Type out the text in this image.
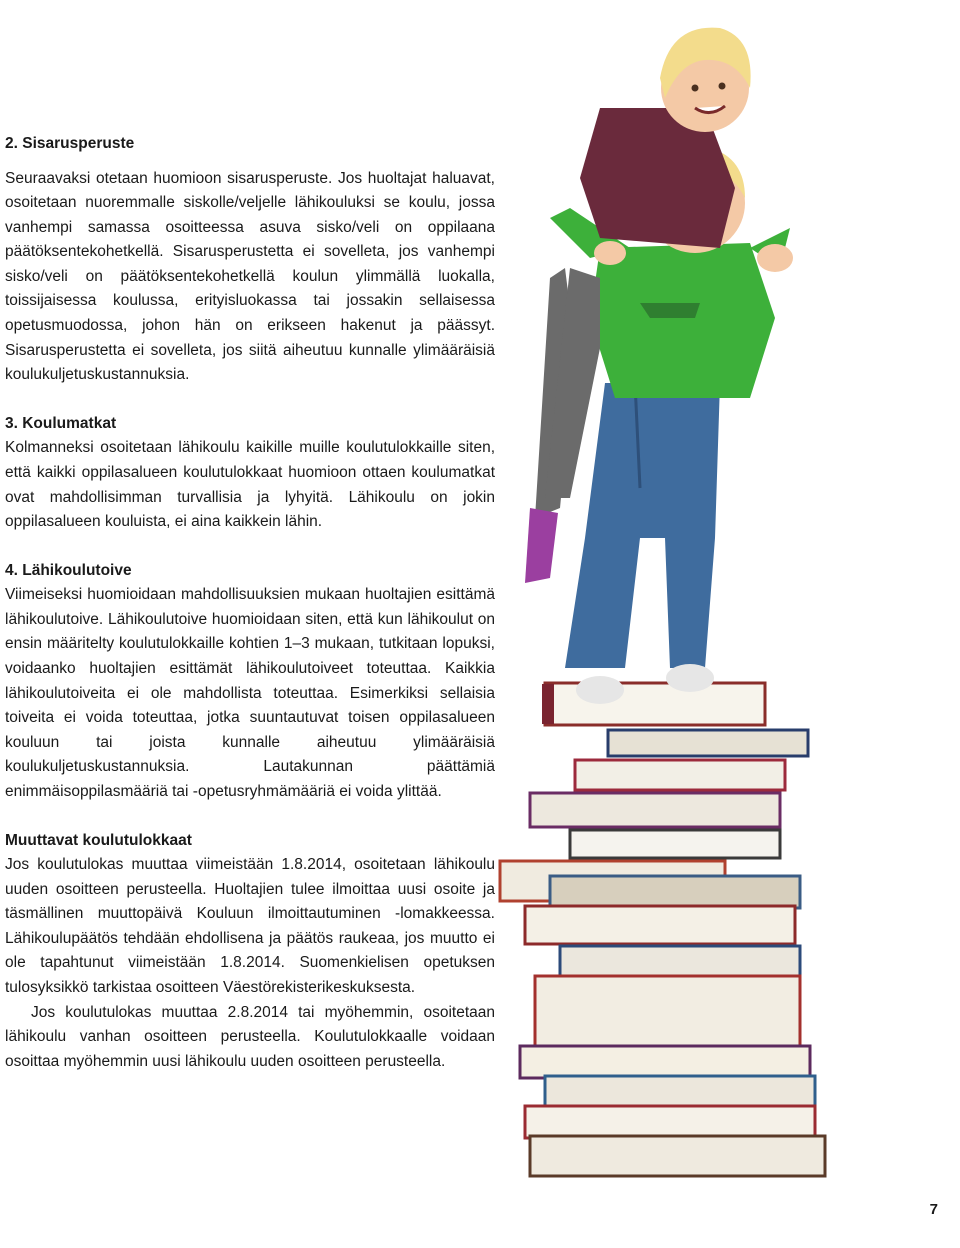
2. Sisarusperuste

Seuraavaksi otetaan huomioon sisarusperuste. Jos huoltajat haluavat, osoitetaan nuoremmalle siskolle/veljelle lähikouluksi se koulu, jossa vanhempi samassa osoitteessa asuva sisko/veli on oppilaana päätöksentekohetkellä. Sisarusperustetta ei sovelleta, jos vanhempi sisko/veli on päätöksentekohetkellä koulun ylimmällä luokalla, toissijaisessa koulussa, erityisluokassa tai jossakin sellaisessa opetusmuodossa, johon hän on erikseen hakenut ja päässyt. Sisarusperustetta ei sovelleta, jos siitä aiheutuu kunnalle ylimääräisiä koulukuljetuskustannuksia.

3. Koulumatkat

Kolmanneksi osoitetaan lähikoulu kaikille muille koulutulokkaille siten, että kaikki oppilasalueen koulutulokkaat huomioon ottaen koulumatkat ovat mahdollisimman turvallisia ja lyhyitä. Lähikoulu on jokin oppilasalueen kouluista, ei aina kaikkein lähin.

4. Lähikoulutoive

Viimeiseksi huomioidaan mahdollisuuksien mukaan huoltajien esittämä lähikoulutoive. Lähikoulutoive huomioidaan siten, että kun lähikoulut on ensin määritelty koulutulokkaille kohtien 1–3 mukaan, tutkitaan lopuksi, voidaanko huoltajien esittämät lähikoulutoiveet toteuttaa. Kaikkia lähikoulutoiveita ei ole mahdollista toteuttaa. Esimerkiksi sellaisia toiveita ei voida toteuttaa, jotka suuntautuvat toisen oppilasalueen kouluun tai joista kunnalle aiheutuu ylimääräisiä koulukuljetuskustannuksia. Lautakunnan päättämiä enimmäisoppilasmääriä tai -opetusryhmämääriä ei voida ylittää.

Muuttavat koulutulokkaat

Jos koulutulokas muuttaa viimeistään 1.8.2014, osoitetaan lähikoulu uuden osoitteen perusteella. Huoltajien tulee ilmoittaa uusi osoite ja täsmällinen muuttopäivä Kouluun ilmoittautuminen -lomakkeessa. Lähikoulupäätös tehdään ehdollisena ja päätös raukeaa, jos muutto ei ole tapahtunut viimeistään 1.8.2014. Suomenkielisen opetuksen tulosyksikkö tarkistaa osoitteen Väestörekisterikeskuksesta.

Jos koulutulokas muuttaa 2.8.2014 tai myöhemmin, osoitetaan lähikoulu vanhan osoitteen perusteella. Koulutulokkaalle voidaan osoittaa myöhemmin uusi lähikoulu uuden osoitteen perusteella.

7
